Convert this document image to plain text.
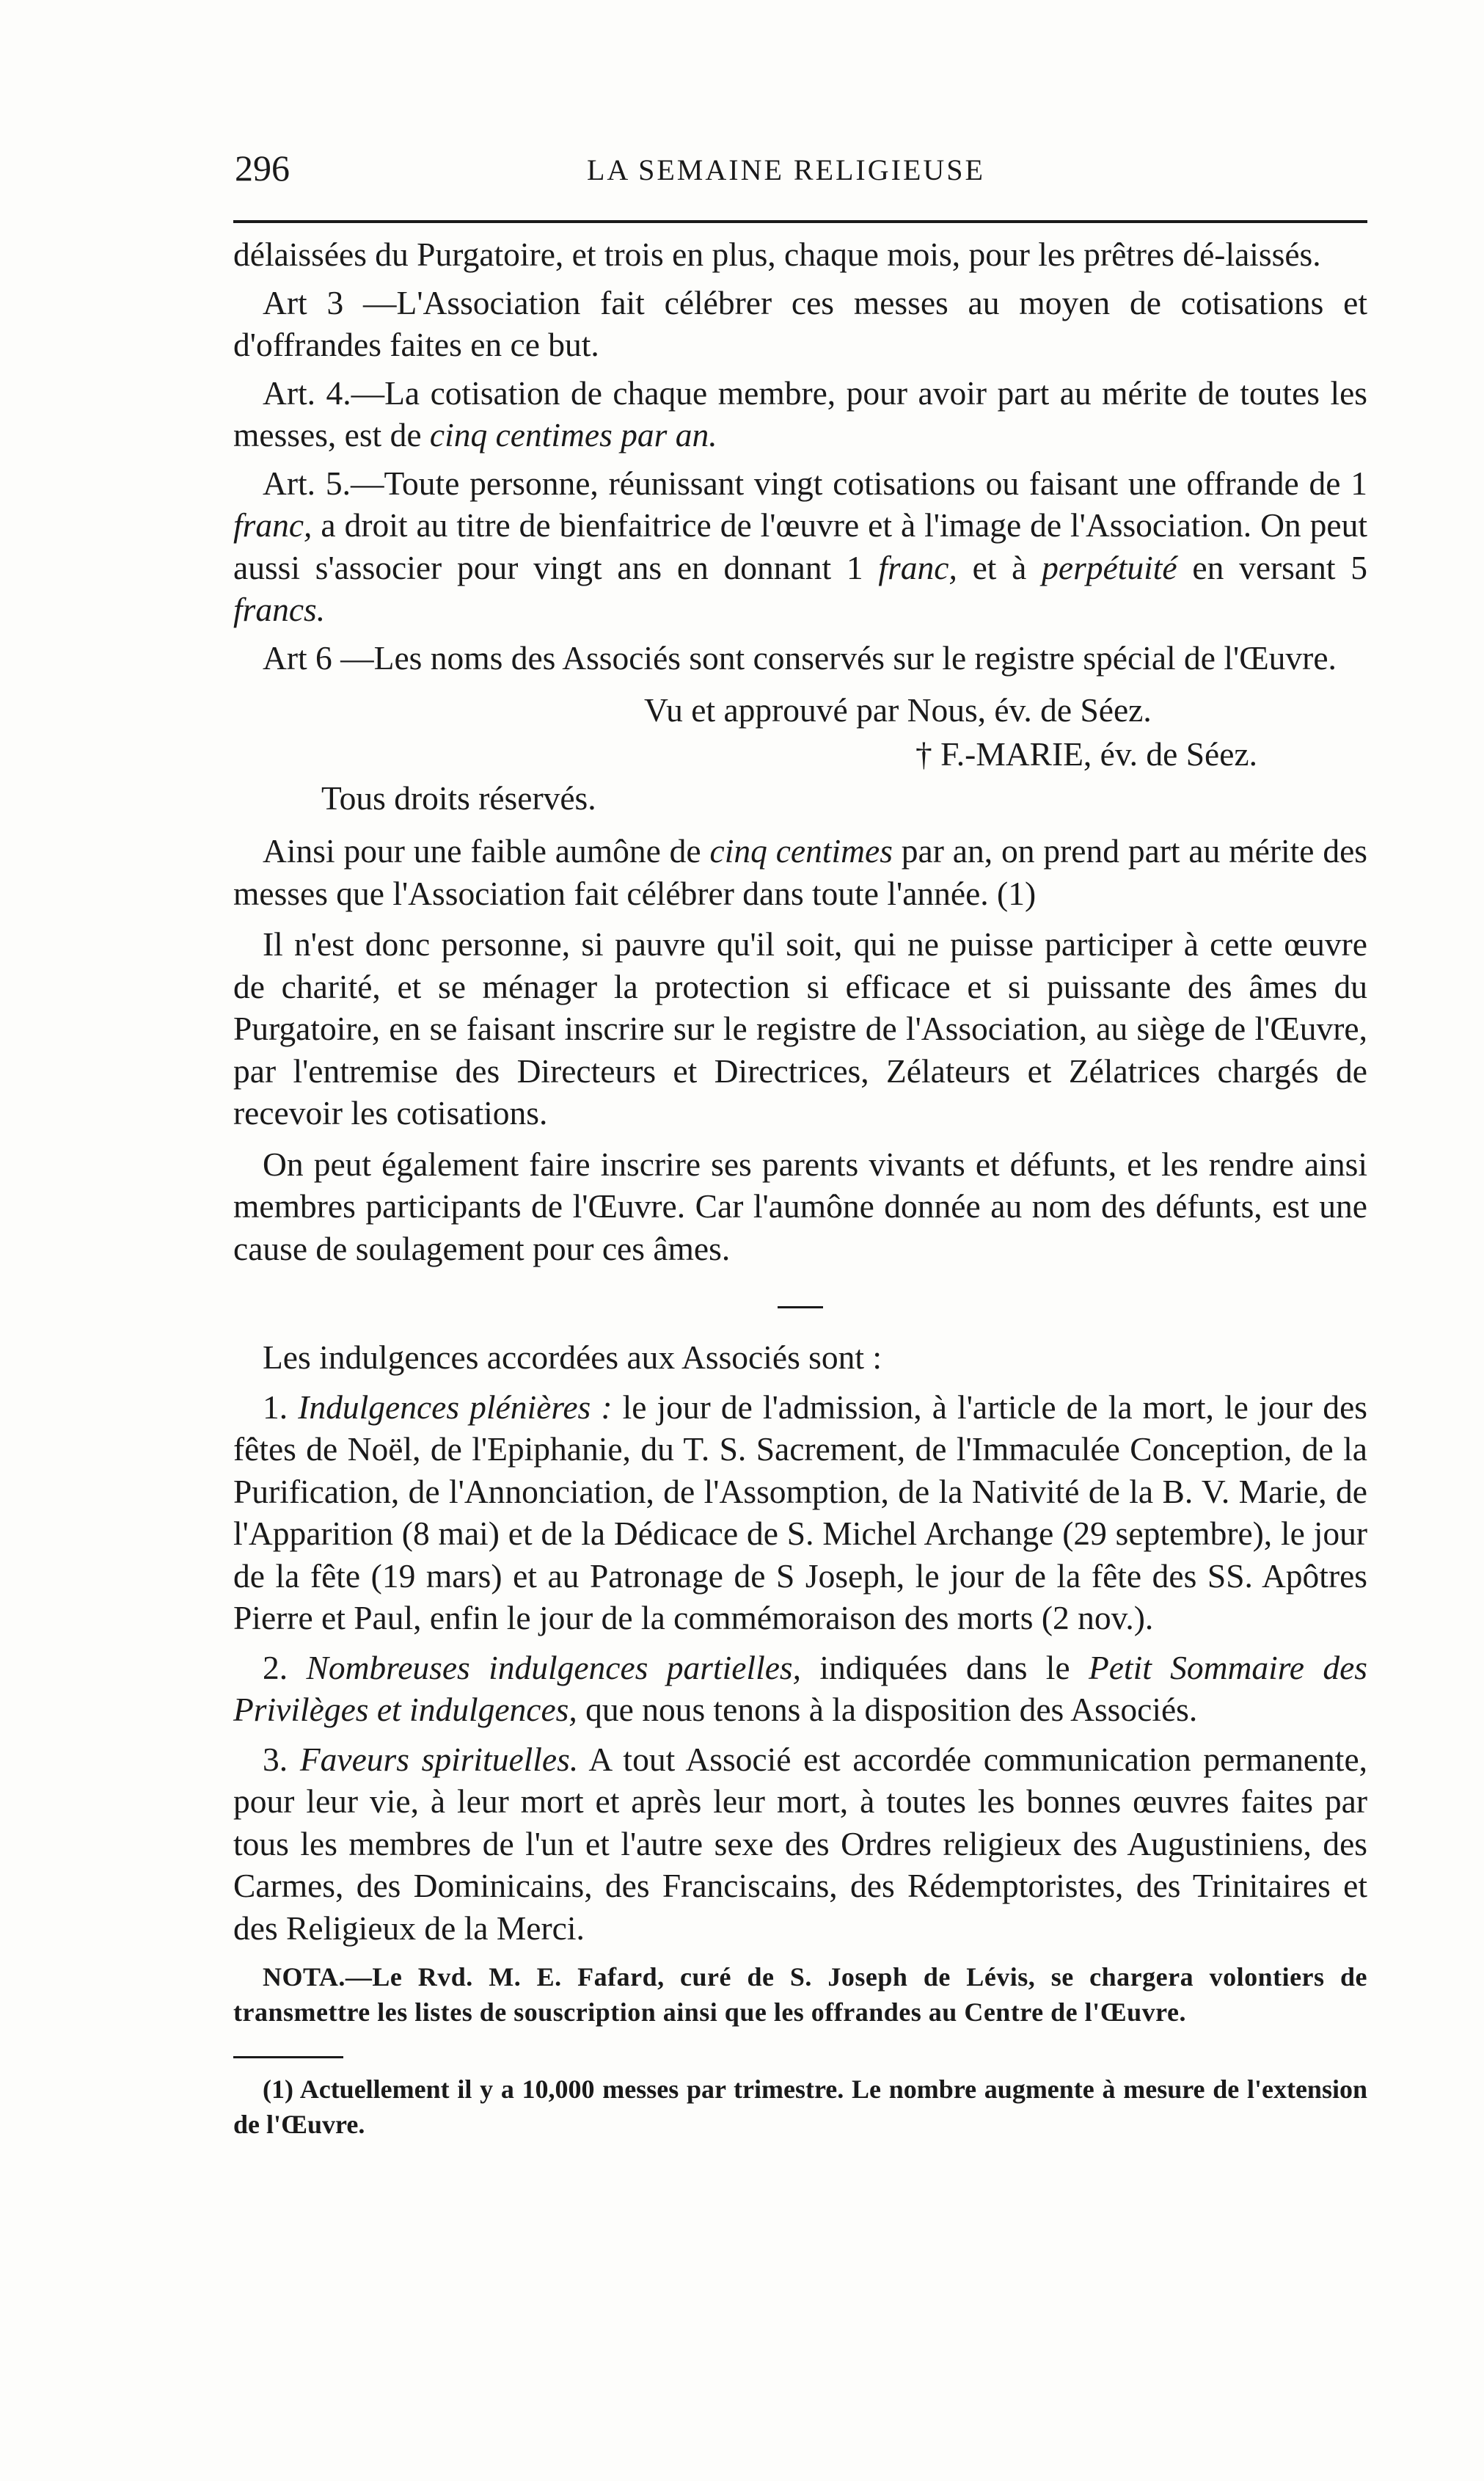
296	LA SEMAINE RELIGIEUSE

délaissées du Purgatoire, et trois en plus, chaque mois, pour les prêtres dé-laissés.

Art 3 —L'Association fait célébrer ces messes au moyen de cotisations et d'offrandes faites en ce but.

Art. 4.—La cotisation de chaque membre, pour avoir part au mérite de toutes les messes, est de cinq centimes par an.

Art. 5.—Toute personne, réunissant vingt cotisations ou faisant une offrande de 1 franc, a droit au titre de bienfaitrice de l'œuvre et à l'image de l'Association. On peut aussi s'associer pour vingt ans en donnant 1 franc, et à perpétuité en versant 5 francs.

Art 6 —Les noms des Associés sont conservés sur le registre spécial de l'Œuvre.

Vu et approuvé par Nous, év. de Séez.
† F.-MARIE, év. de Séez.
Tous droits réservés.

Ainsi pour une faible aumône de cinq centimes par an, on prend part au mérite des messes que l'Association fait célébrer dans toute l'année. (1)

Il n'est donc personne, si pauvre qu'il soit, qui ne puisse participer à cette œuvre de charité, et se ménager la protection si efficace et si puissante des âmes du Purgatoire, en se faisant inscrire sur le registre de l'Association, au siège de l'Œuvre, par l'entremise des Directeurs et Directrices, Zélateurs et Zélatrices chargés de recevoir les cotisations.

On peut également faire inscrire ses parents vivants et défunts, et les rendre ainsi membres participants de l'Œuvre. Car l'aumône donnée au nom des défunts, est une cause de soulagement pour ces âmes.

Les indulgences accordées aux Associés sont :

1. Indulgences plénières : le jour de l'admission, à l'article de la mort, le jour des fêtes de Noël, de l'Epiphanie, du T. S. Sacrement, de l'Immaculée Conception, de la Purification, de l'Annonciation, de l'Assomption, de la Nativité de la B. V. Marie, de l'Apparition (8 mai) et de la Dédicace de S. Michel Archange (29 septembre), le jour de la fête (19 mars) et au Patronage de S Joseph, le jour de la fête des SS. Apôtres Pierre et Paul, enfin le jour de la commémoraison des morts (2 nov.).

2. Nombreuses indulgences partielles, indiquées dans le Petit Sommaire des Privilèges et indulgences, que nous tenons à la disposition des Associés.

3. Faveurs spirituelles. A tout Associé est accordée communication permanente, pour leur vie, à leur mort et après leur mort, à toutes les bonnes œuvres faites par tous les membres de l'un et l'autre sexe des Ordres religieux des Augustiniens, des Carmes, des Dominicains, des Franciscains, des Rédemptoristes, des Trinitaires et des Religieux de la Merci.

NOTA.—Le Rvd. M. E. Fafard, curé de S. Joseph de Lévis, se chargera volontiers de transmettre les listes de souscription ainsi que les offrandes au Centre de l'Œuvre.

(1) Actuellement il y a 10,000 messes par trimestre. Le nombre augmente à mesure de l'extension de l'Œuvre.
